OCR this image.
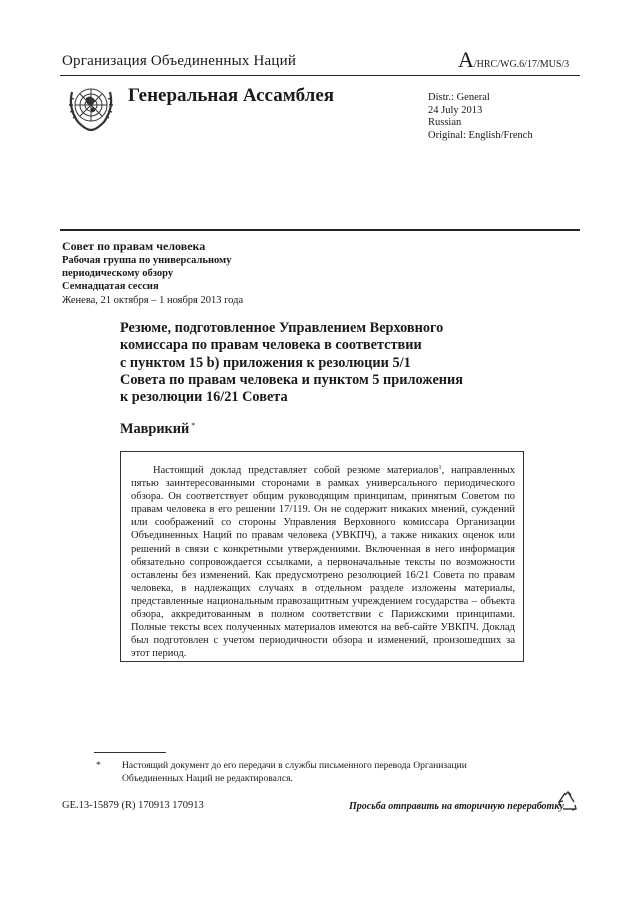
Организация Объединенных Наций	A/HRC/WG.6/17/MUS/3
Генеральная Ассамблея	Distr.: General
24 July 2013
Russian
Original: English/French
Совет по правам человека
Рабочая группа по универсальному
периодическому обзору
Семнадцатая сессия
Женева, 21 октября – 1 ноября 2013 года
Резюме, подготовленное Управлением Верховного
комиссара по правам человека в соответствии
с пунктом 15 b) приложения к резолюции 5/1
Совета по правам человека и пунктом 5 приложения
к резолюции 16/21 Совета
Маврикий *

Настоящий доклад представляет собой резюме материалов$^1$, направленных пятью заинтересованными сторонами в рамках универсального периодического обзора. Он соответствует общим руководящим принципам, принятым Советом по правам человека в его решении 17/119. Он не содержит никаких мнений, суждений или соображений со стороны Управления Верховного комиссара Организации Объединенных Наций по правам человека (УВКПЧ), а также никаких оценок или решений в связи с конкретными утверждениями. Включенная в него информация обязательно сопровождается ссылками, а первоначальные тексты по возможности оставлены без изменений. Как предусмотрено резолюцией 16/21 Совета по правам человека, в надлежащих случаях в отдельном разделе изложены материалы, представленные национальным правозащитным учреждением государства – объекта обзора, аккредитованным в полном соответствии с Парижскими принципами. Полные тексты всех полученных материалов имеются на веб-сайте УВКПЧ. Доклад был подготовлен с учетом периодичности обзора и изменений, произошедших за этот период.

* Настоящий документ до его передачи в службы письменного перевода Организации Объединенных Наций не редактировался.
GE.13-15879 (R) 170913 170913	Просьба отправить на вторичную переработку
